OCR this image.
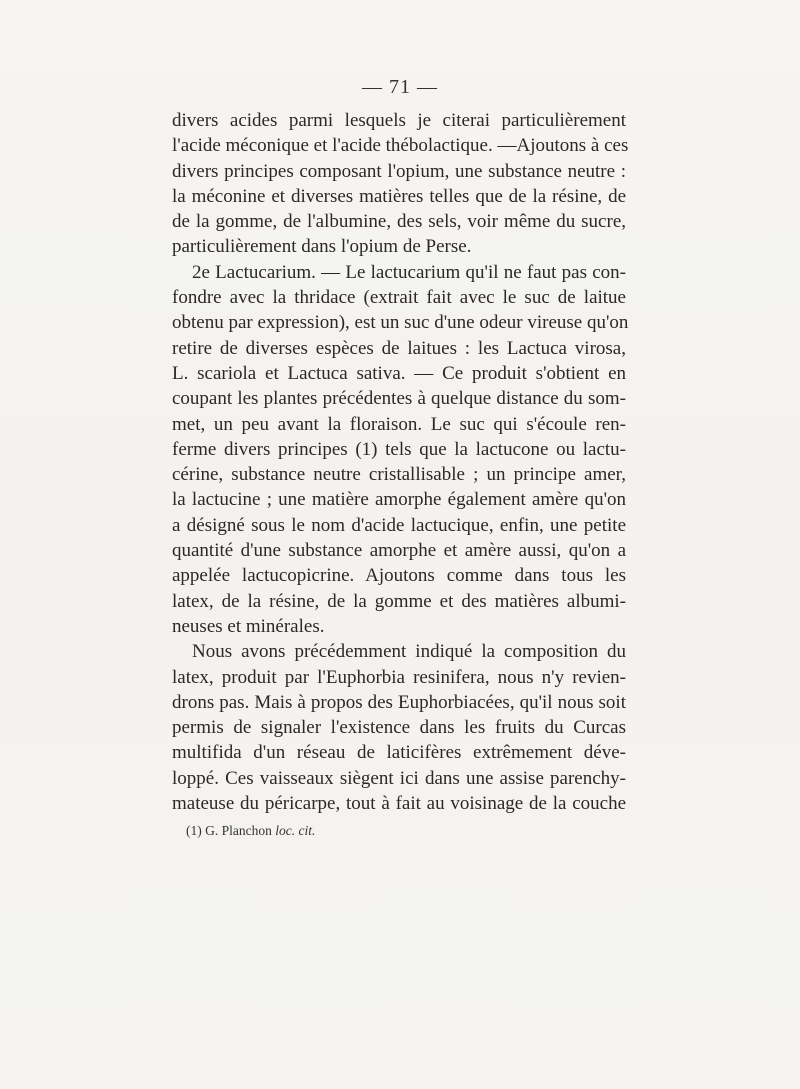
— 71 —
divers acides parmi lesquels je citerai particulièrement
l'acide méconique et l'acide thébolactique. —Ajoutons à ces
divers principes composant l'opium, une substance neutre :
la méconine et diverses matières telles que de la résine, de
de la gomme, de l'albumine, des sels, voir même du sucre,
particulièrement dans l'opium de Perse.
2e Lactucarium. — Le lactucarium qu'il ne faut pas con-
fondre avec la thridace (extrait fait avec le suc de laitue
obtenu par expression), est un suc d'une odeur vireuse qu'on
retire de diverses espèces de laitues : les Lactuca virosa,
L. scariola et Lactuca sativa. — Ce produit s'obtient en
coupant les plantes précédentes à quelque distance du som-
met, un peu avant la floraison. Le suc qui s'écoule ren-
ferme divers principes (1) tels que la lactucone ou lactu-
cérine, substance neutre cristallisable ; un principe amer,
la lactucine ; une matière amorphe également amère qu'on
a désigné sous le nom d'acide lactucique, enfin, une petite
quantité d'une substance amorphe et amère aussi, qu'on a
appelée lactucopicrine. Ajoutons comme dans tous les
latex, de la résine, de la gomme et des matières albumi-
neuses et minérales.
Nous avons précédemment indiqué la composition du
latex, produit par l'Euphorbia resinifera, nous n'y revien-
drons pas. Mais à propos des Euphorbiacées, qu'il nous soit
permis de signaler l'existence dans les fruits du Curcas
multifida d'un réseau de laticifères extrêmement déve-
loppé. Ces vaisseaux siègent ici dans une assise parenchy-
mateuse du péricarpe, tout à fait au voisinage de la couche
(1) G. Planchon loc. cit.
